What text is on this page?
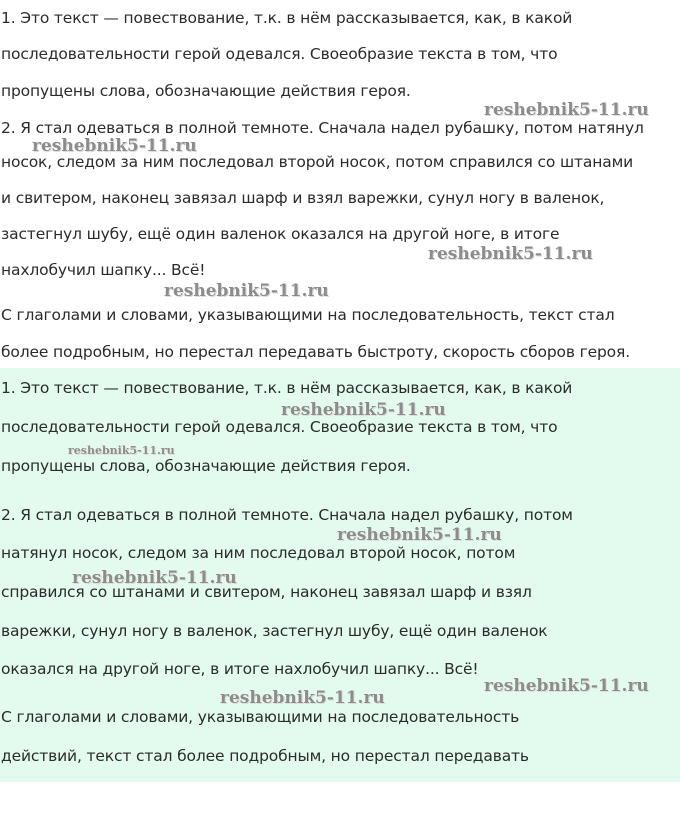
1. Это текст — повествование, т.к. в нём рассказывается, как, в какой
последовательности герой одевался. Своеобразие текста в том, что
пропущены слова, обозначающие действия героя.
2. Я стал одеваться в полной темноте. Сначала надел рубашку, потом натянул
носок, следом за ним последовал второй носок, потом справился со штанами
и свитером, наконец завязал шарф и взял варежки, сунул ногу в валенок,
застегнул шубу, ещё один валенок оказался на другой ноге, в итоге
нахлобучил шапку... Всё!
С глаголами и словами, указывающими на последовательность, текст стал
более подробным, но перестал передавать быстроту, скорость сборов героя.
1. Это текст — повествование, т.к. в нём рассказывается, как, в какой
последовательности герой одевался. Своеобразие текста в том, что
пропущены слова, обозначающие действия героя.
2. Я стал одеваться в полной темноте. Сначала надел рубашку, потом
натянул носок, следом за ним последовал второй носок, потом
справился со штанами и свитером, наконец завязал шарф и взял
варежки, сунул ногу в валенок, застегнул шубу, ещё один валенок
оказался на другой ноге, в итоге нахлобучил шапку... Всё!
С глаголами и словами, указывающими на последовательность
действий, текст стал более подробным, но перестал передавать
reshebnik5-11.ru
reshebnik5-11.ru
reshebnik5-11.ru
reshebnik5-11.ru
reshebnik5-11.ru
reshebnik5-11.ru
reshebnik5-11.ru
reshebnik5-11.ru
reshebnik5-11.ru
reshebnik5-11.ru
